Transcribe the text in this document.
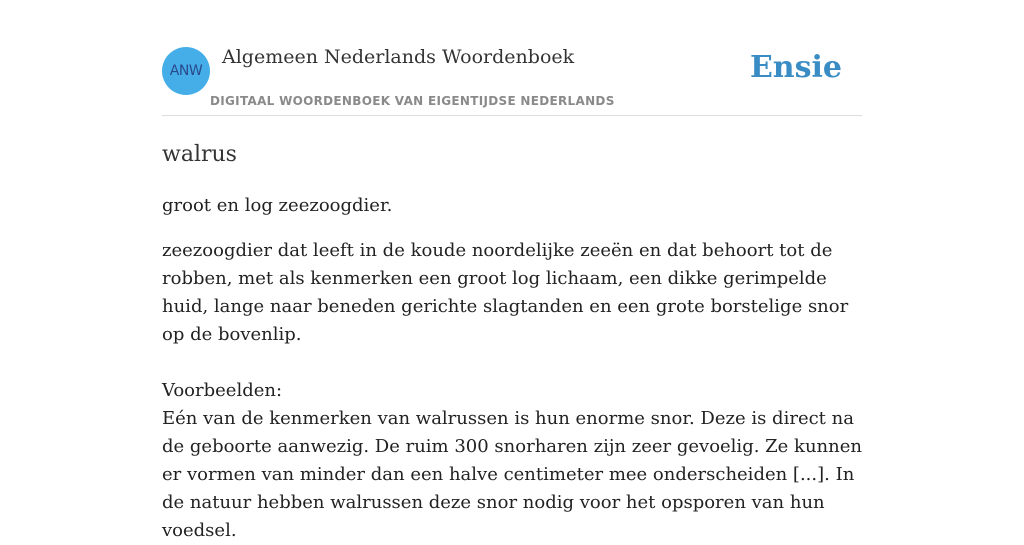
ANW
Algemeen Nederlands Woordenboek
DIGITAAL WOORDENBOEK VAN EIGENTIJDSE NEDERLANDS
Ensie
walrus

groot en log zeezoogdier.

zeezoogdier dat leeft in de koude noordelijke zeeën en dat behoort tot de robben, met als kenmerken een groot log lichaam, een dikke gerimpelde huid, lange naar beneden gerichte slagtanden en een grote borstelige snor op de bovenlip.

Voorbeelden:

Eén van de kenmerken van walrussen is hun enorme snor. Deze is direct na de geboorte aanwezig. De ruim 300 snorharen zijn zeer gevoelig. Ze kunnen er vormen van minder dan een halve centimeter mee onderscheiden [...]. In de natuur hebben walrussen deze snor nodig voor het opsporen van hun voedsel.
